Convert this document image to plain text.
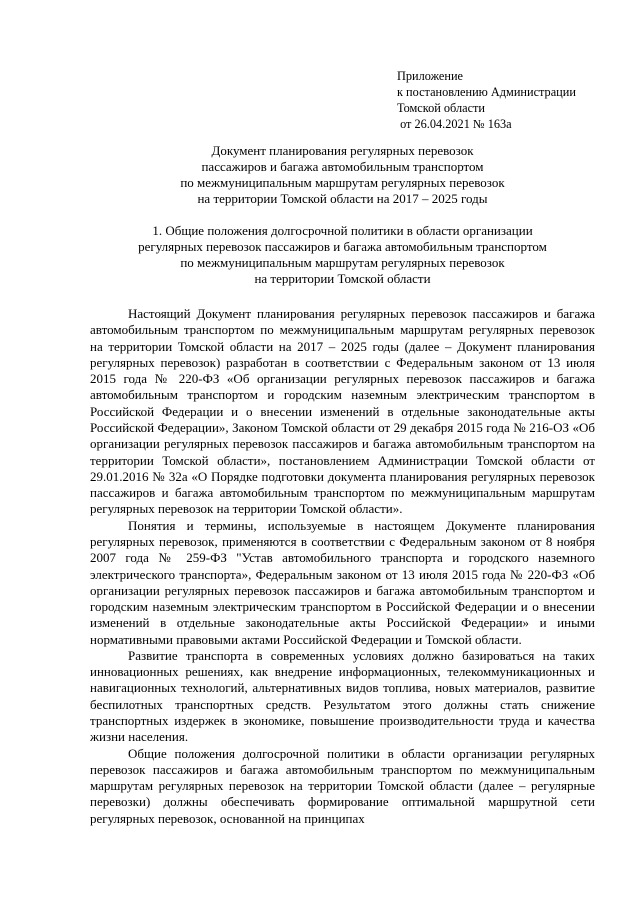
Приложение
к постановлению Администрации
Томской области
от 26.04.2021 № 163а
Документ планирования регулярных перевозок
пассажиров и багажа автомобильным транспортом
по межмуниципальным маршрутам регулярных перевозок
на территории Томской области на 2017 – 2025 годы
1. Общие положения долгосрочной политики в области организации
регулярных перевозок пассажиров и багажа автомобильным транспортом
по межмуниципальным маршрутам регулярных перевозок
на территории Томской области

Настоящий Документ планирования регулярных перевозок пассажиров и багажа автомобильным транспортом по межмуниципальным маршрутам регулярных перевозок на территории Томской области на 2017 – 2025 годы (далее – Документ планирования регулярных перевозок) разработан в соответствии с Федеральным законом от 13 июля 2015 года № 220-ФЗ «Об организации регулярных перевозок пассажиров и багажа автомобильным транспортом и городским наземным электрическим транспортом в Российской Федерации и о внесении изменений в отдельные законодательные акты Российской Федерации», Законом Томской области от 29 декабря 2015 года № 216-ОЗ «Об организации регулярных перевозок пассажиров и багажа автомобильным транспортом на территории Томской области», постановлением Администрации Томской области от 29.01.2016 № 32а «О Порядке подготовки документа планирования регулярных перевозок пассажиров и багажа автомобильным транспортом по межмуниципальным маршрутам регулярных перевозок на территории Томской области».

Понятия и термины, используемые в настоящем Документе планирования регулярных перевозок, применяются в соответствии с Федеральным законом от 8 ноября 2007 года № 259-ФЗ "Устав автомобильного транспорта и городского наземного электрического транспорта», Федеральным законом от 13 июля 2015 года № 220-ФЗ «Об организации регулярных перевозок пассажиров и багажа автомобильным транспортом и городским наземным электрическим транспортом в Российской Федерации и о внесении изменений в отдельные законодательные акты Российской Федерации» и иными нормативными правовыми актами Российской Федерации и Томской области.

Развитие транспорта в современных условиях должно базироваться на таких инновационных решениях, как внедрение информационных, телекоммуникационных и навигационных технологий, альтернативных видов топлива, новых материалов, развитие беспилотных транспортных средств. Результатом этого должны стать снижение транспортных издержек в экономике, повышение производительности труда и качества жизни населения.

Общие положения долгосрочной политики в области организации регулярных перевозок пассажиров и багажа автомобильным транспортом по межмуниципальным маршрутам регулярных перевозок на территории Томской области (далее – регулярные перевозки) должны обеспечивать формирование оптимальной маршрутной сети регулярных перевозок, основанной на принципах
